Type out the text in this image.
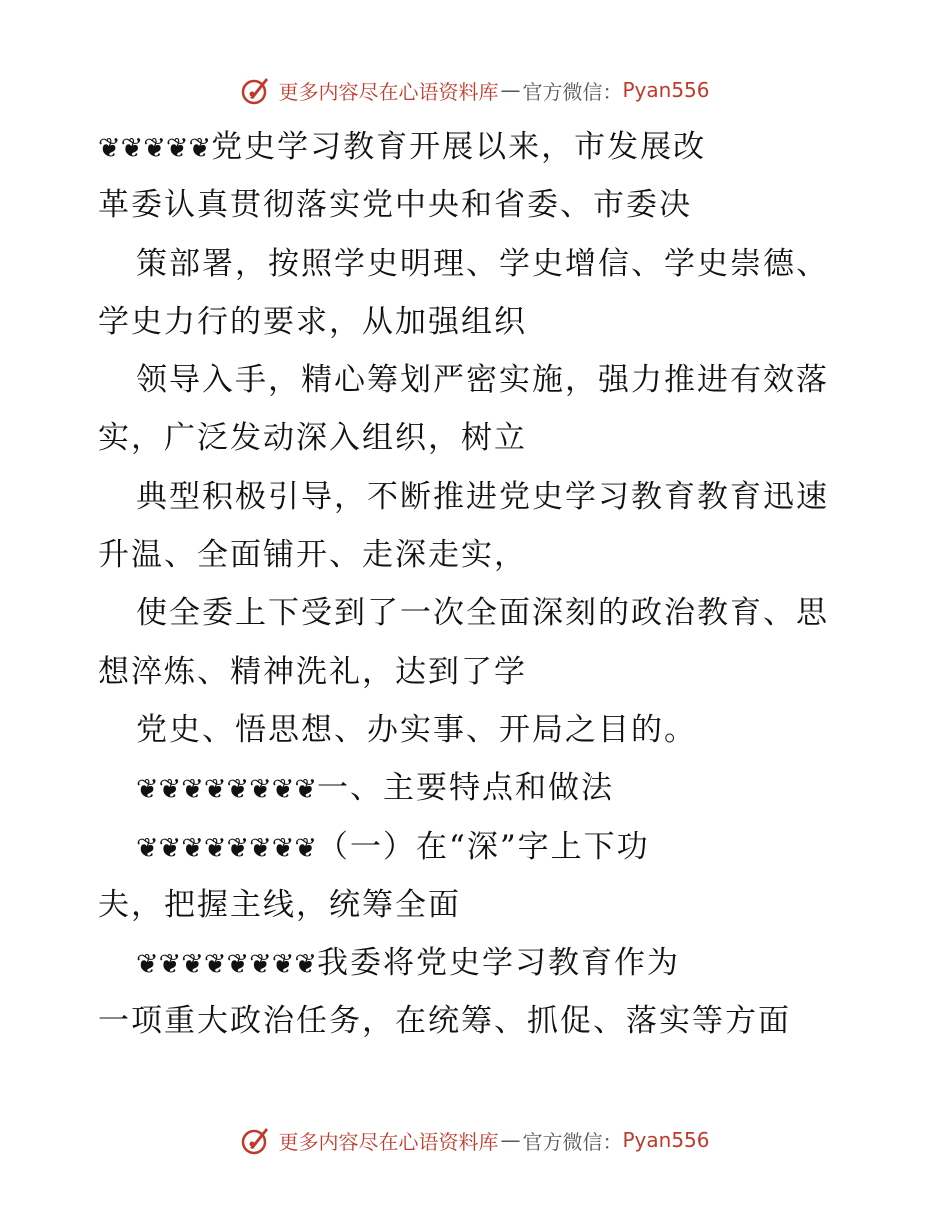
更多内容尽在心语资料库 — 官方微信： Pyan556
❦❦❦❦❦党史学习教育开展以来，市发展改
革委认真贯彻落实党中央和省委、市委决
策部署，按照学史明理、学史增信、学史崇德、
学史力行的要求，从加强组织
领导入手，精心筹划严密实施，强力推进有效落
实，广泛发动深入组织，树立
典型积极引导，不断推进党史学习教育教育迅速
升温、全面铺开、走深走实，
使全委上下受到了一次全面深刻的政治教育、思
想淬炼、精神洗礼，达到了学
党史、悟思想、办实事、开局之目的。
❦❦❦❦❦❦❦❦一、主要特点和做法
❦❦❦❦❦❦❦❦（一）在“深”字上下功
夫，把握主线，统筹全面
❦❦❦❦❦❦❦❦我委将党史学习教育作为
一项重大政治任务，在统筹、抓促、落实等方面
更多内容尽在心语资料库 — 官方微信： Pyan556
